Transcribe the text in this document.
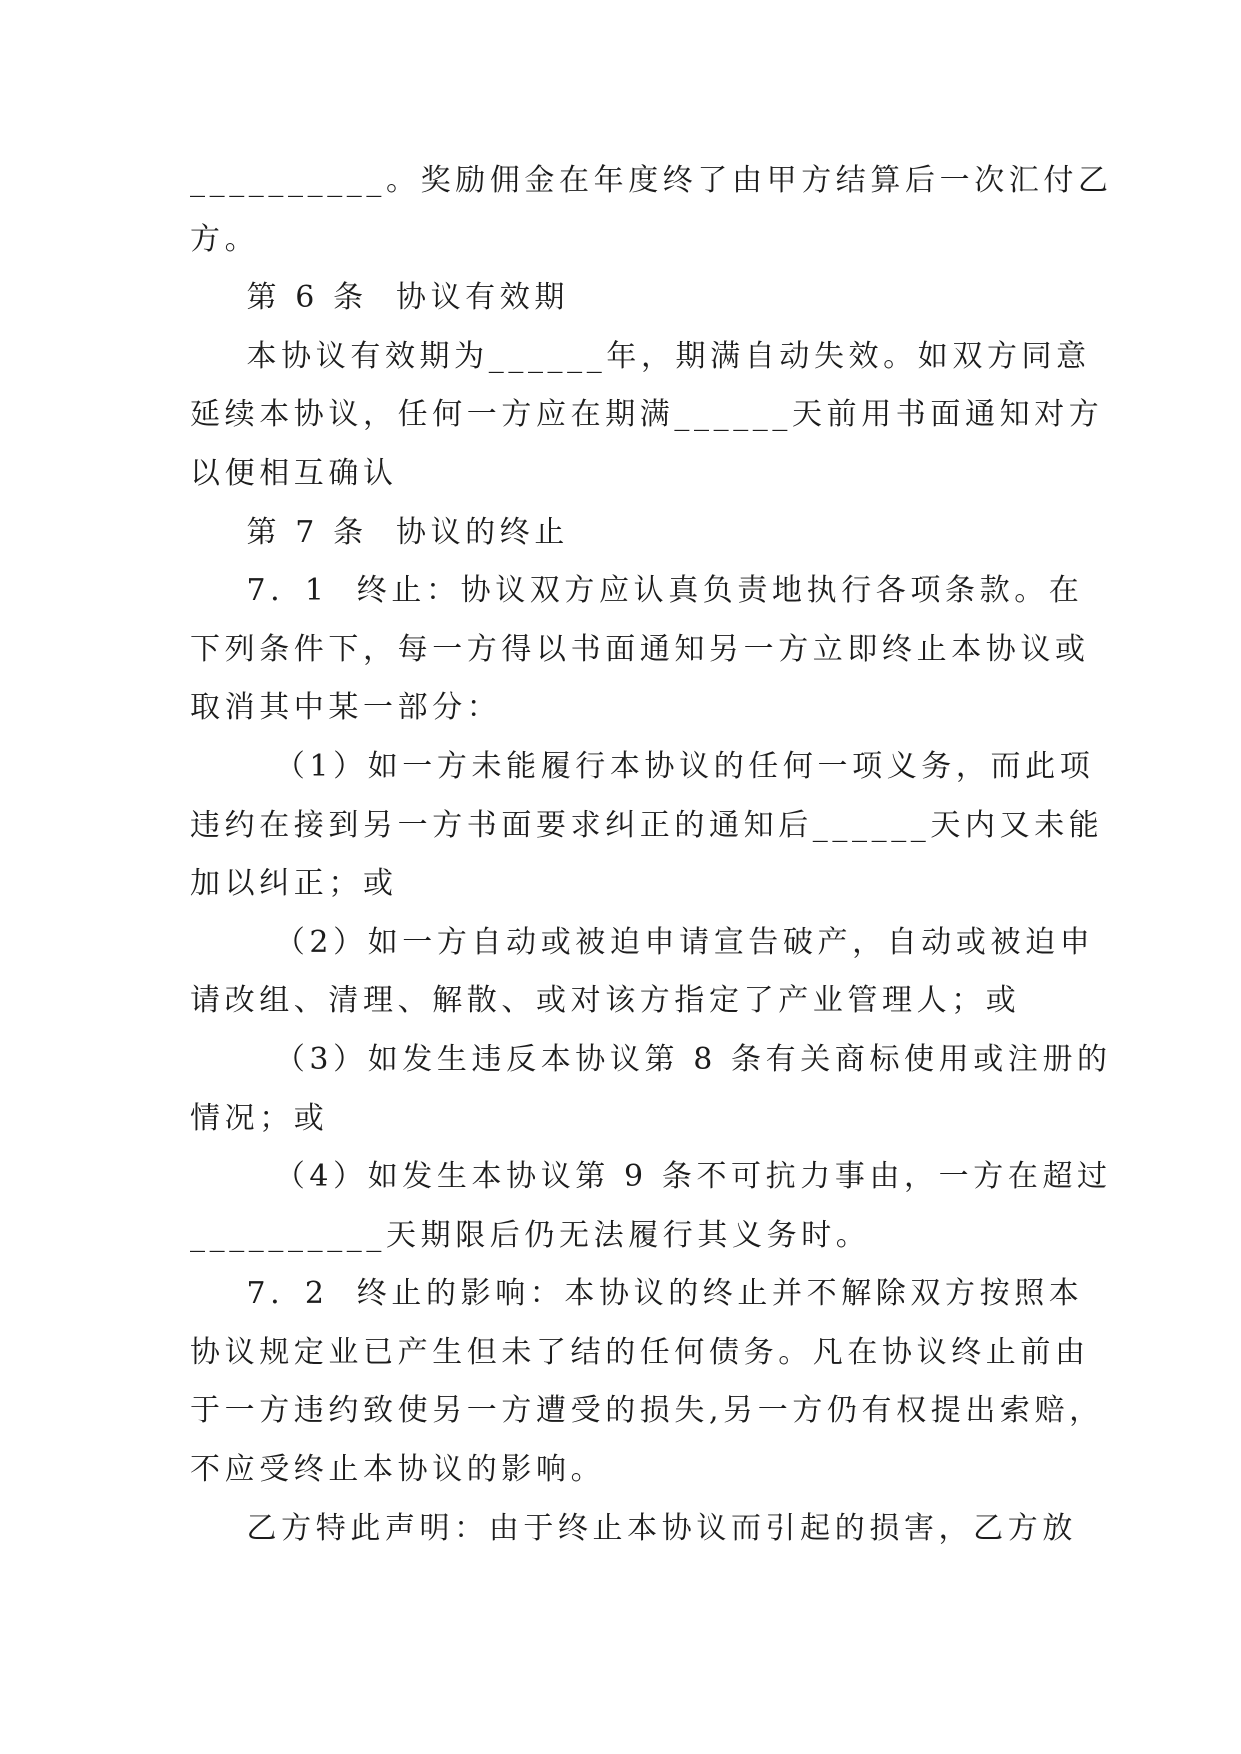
__________。奖励佣金在年度终了由甲方结算后一次汇付乙
方。
第 6 条  协议有效期
本协议有效期为______年，期满自动失效。如双方同意
延续本协议，任何一方应在期满______天前用书面通知对方
以便相互确认
第 7 条  协议的终止
7．1  终止：协议双方应认真负责地执行各项条款。在
下列条件下，每一方得以书面通知另一方立即终止本协议或
取消其中某一部分：
（1）如一方未能履行本协议的任何一项义务，而此项
违约在接到另一方书面要求纠正的通知后______天内又未能
加以纠正；或
（2）如一方自动或被迫申请宣告破产，自动或被迫申
请改组、清理、解散、或对该方指定了产业管理人；或
（3）如发生违反本协议第 8 条有关商标使用或注册的
情况；或
（4）如发生本协议第 9 条不可抗力事由，一方在超过
__________天期限后仍无法履行其义务时。
7．2  终止的影响：本协议的终止并不解除双方按照本
协议规定业已产生但未了结的任何债务。凡在协议终止前由
于一方违约致使另一方遭受的损失,另一方仍有权提出索赔，
不应受终止本协议的影响。
乙方特此声明：由于终止本协议而引起的损害，乙方放
